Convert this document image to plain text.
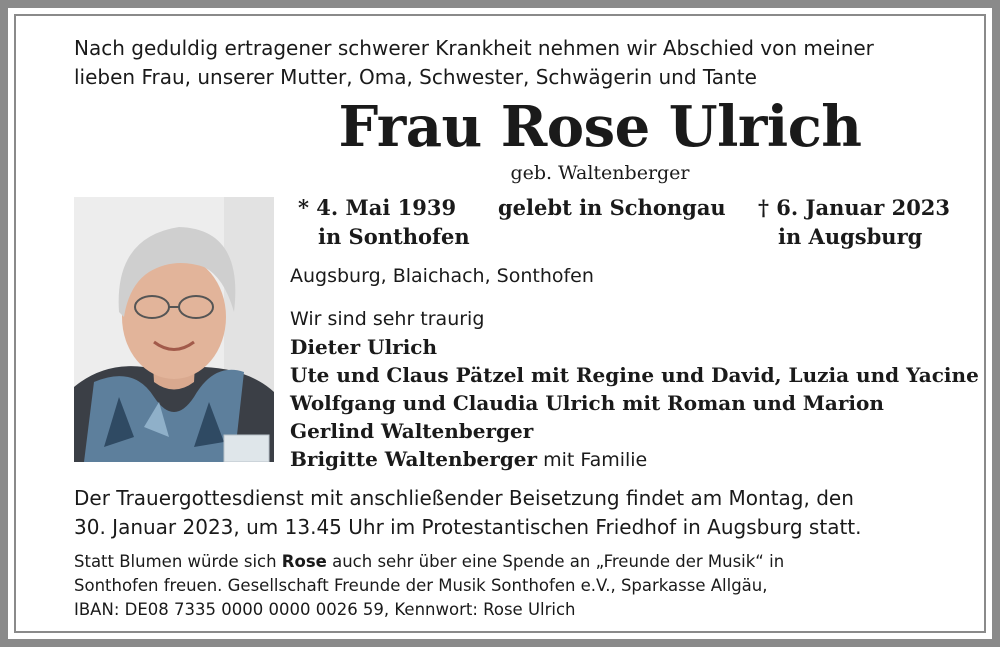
Nach geduldig ertragener schwerer Krankheit nehmen wir Abschied von meiner
lieben Frau, unserer Mutter, Oma, Schwester, Schwägerin und Tante
Frau Rose Ulrich
geb. Waltenberger
* 4. Mai 1939
in Sonthofen
gelebt in Schongau † 6. Januar 2023
in Augsburg
Augsburg, Blaichach, Sonthofen
Wir sind sehr traurig
Dieter Ulrich
Ute und Claus Pätzel mit Regine und David, Luzia und Yacine
Wolfgang und Claudia Ulrich mit Roman und Marion
Gerlind Waltenberger
Brigitte Waltenberger mit Familie
Der Trauergottesdienst mit anschließender Beisetzung findet am Montag, den
30. Januar 2023, um 13.45 Uhr im Protestantischen Friedhof in Augsburg statt.
Statt Blumen würde sich Rose auch sehr über eine Spende an „Freunde der Musik“ in
Sonthofen freuen. Gesellschaft Freunde der Musik Sonthofen e.V., Sparkasse Allgäu,
IBAN: DE08 7335 0000 0000 0026 59, Kennwort: Rose Ulrich
